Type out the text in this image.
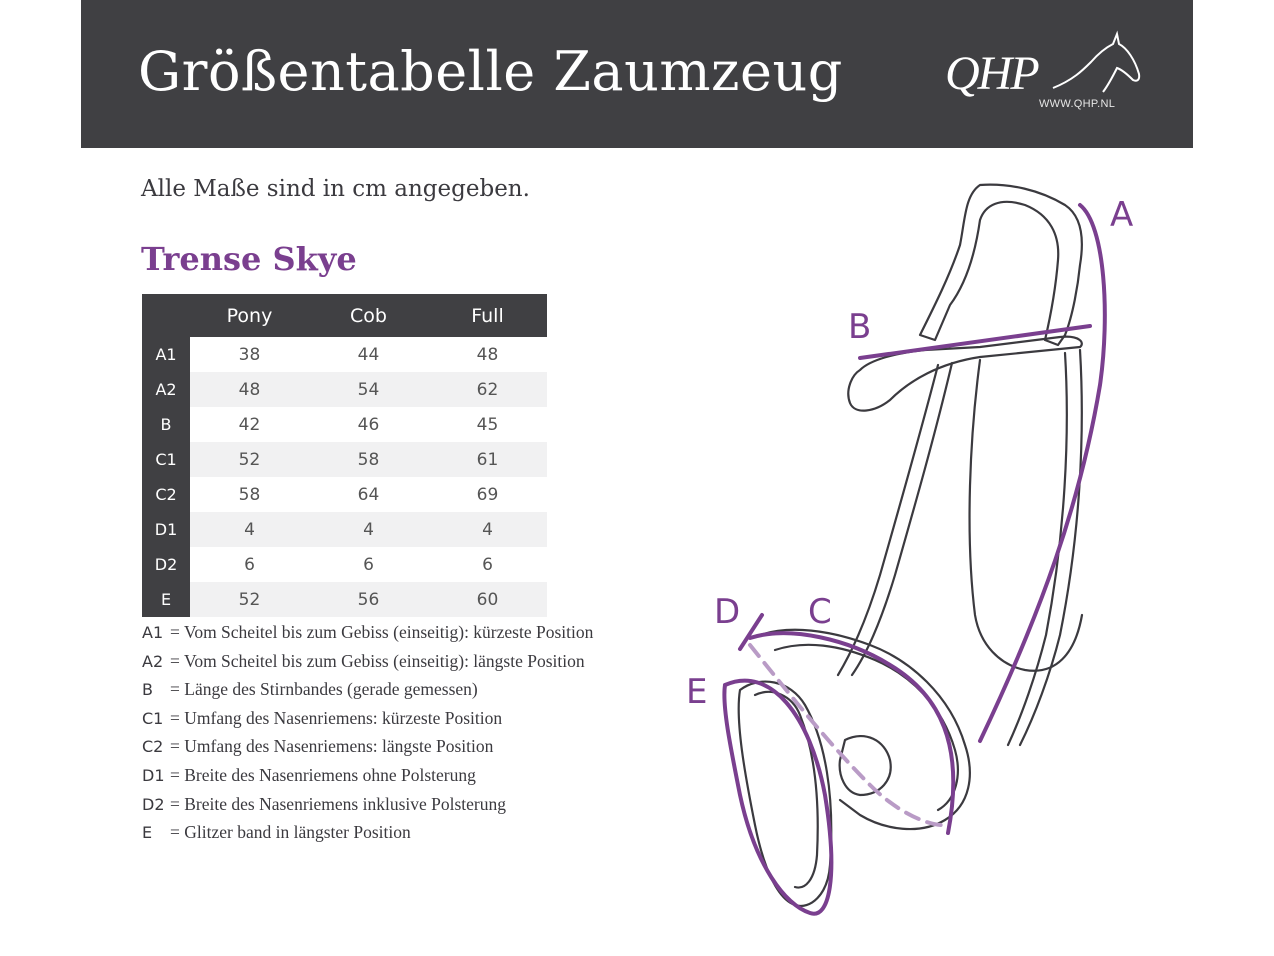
Größentabelle Zaumzeug QHP
WWW.QHP.NL

Alle Maße sind in cm angegeben.

Trense Skye
	Pony	Cob	Full
A1	38	44	48
A2	48	54	62
B	42	46	45
C1	52	58	61
C2	58	64	69
D1	4	4	4
D2	6	6	6
E	52	56	60
A1 = Vom Scheitel bis zum Gebiss (einseitig): kürzeste Position
A2 = Vom Scheitel bis zum Gebiss (einseitig): längste Position
B = Länge des Stirnbandes (gerade gemessen)
C1 = Umfang des Nasenriemens: kürzeste Position
C2 = Umfang des Nasenriemens: längste Position
D1 = Breite des Nasenriemens ohne Polsterung
D2 = Breite des Nasenriemens inklusive Polsterung
E = Glitzer band in längster Position
A
B
C
D
E
